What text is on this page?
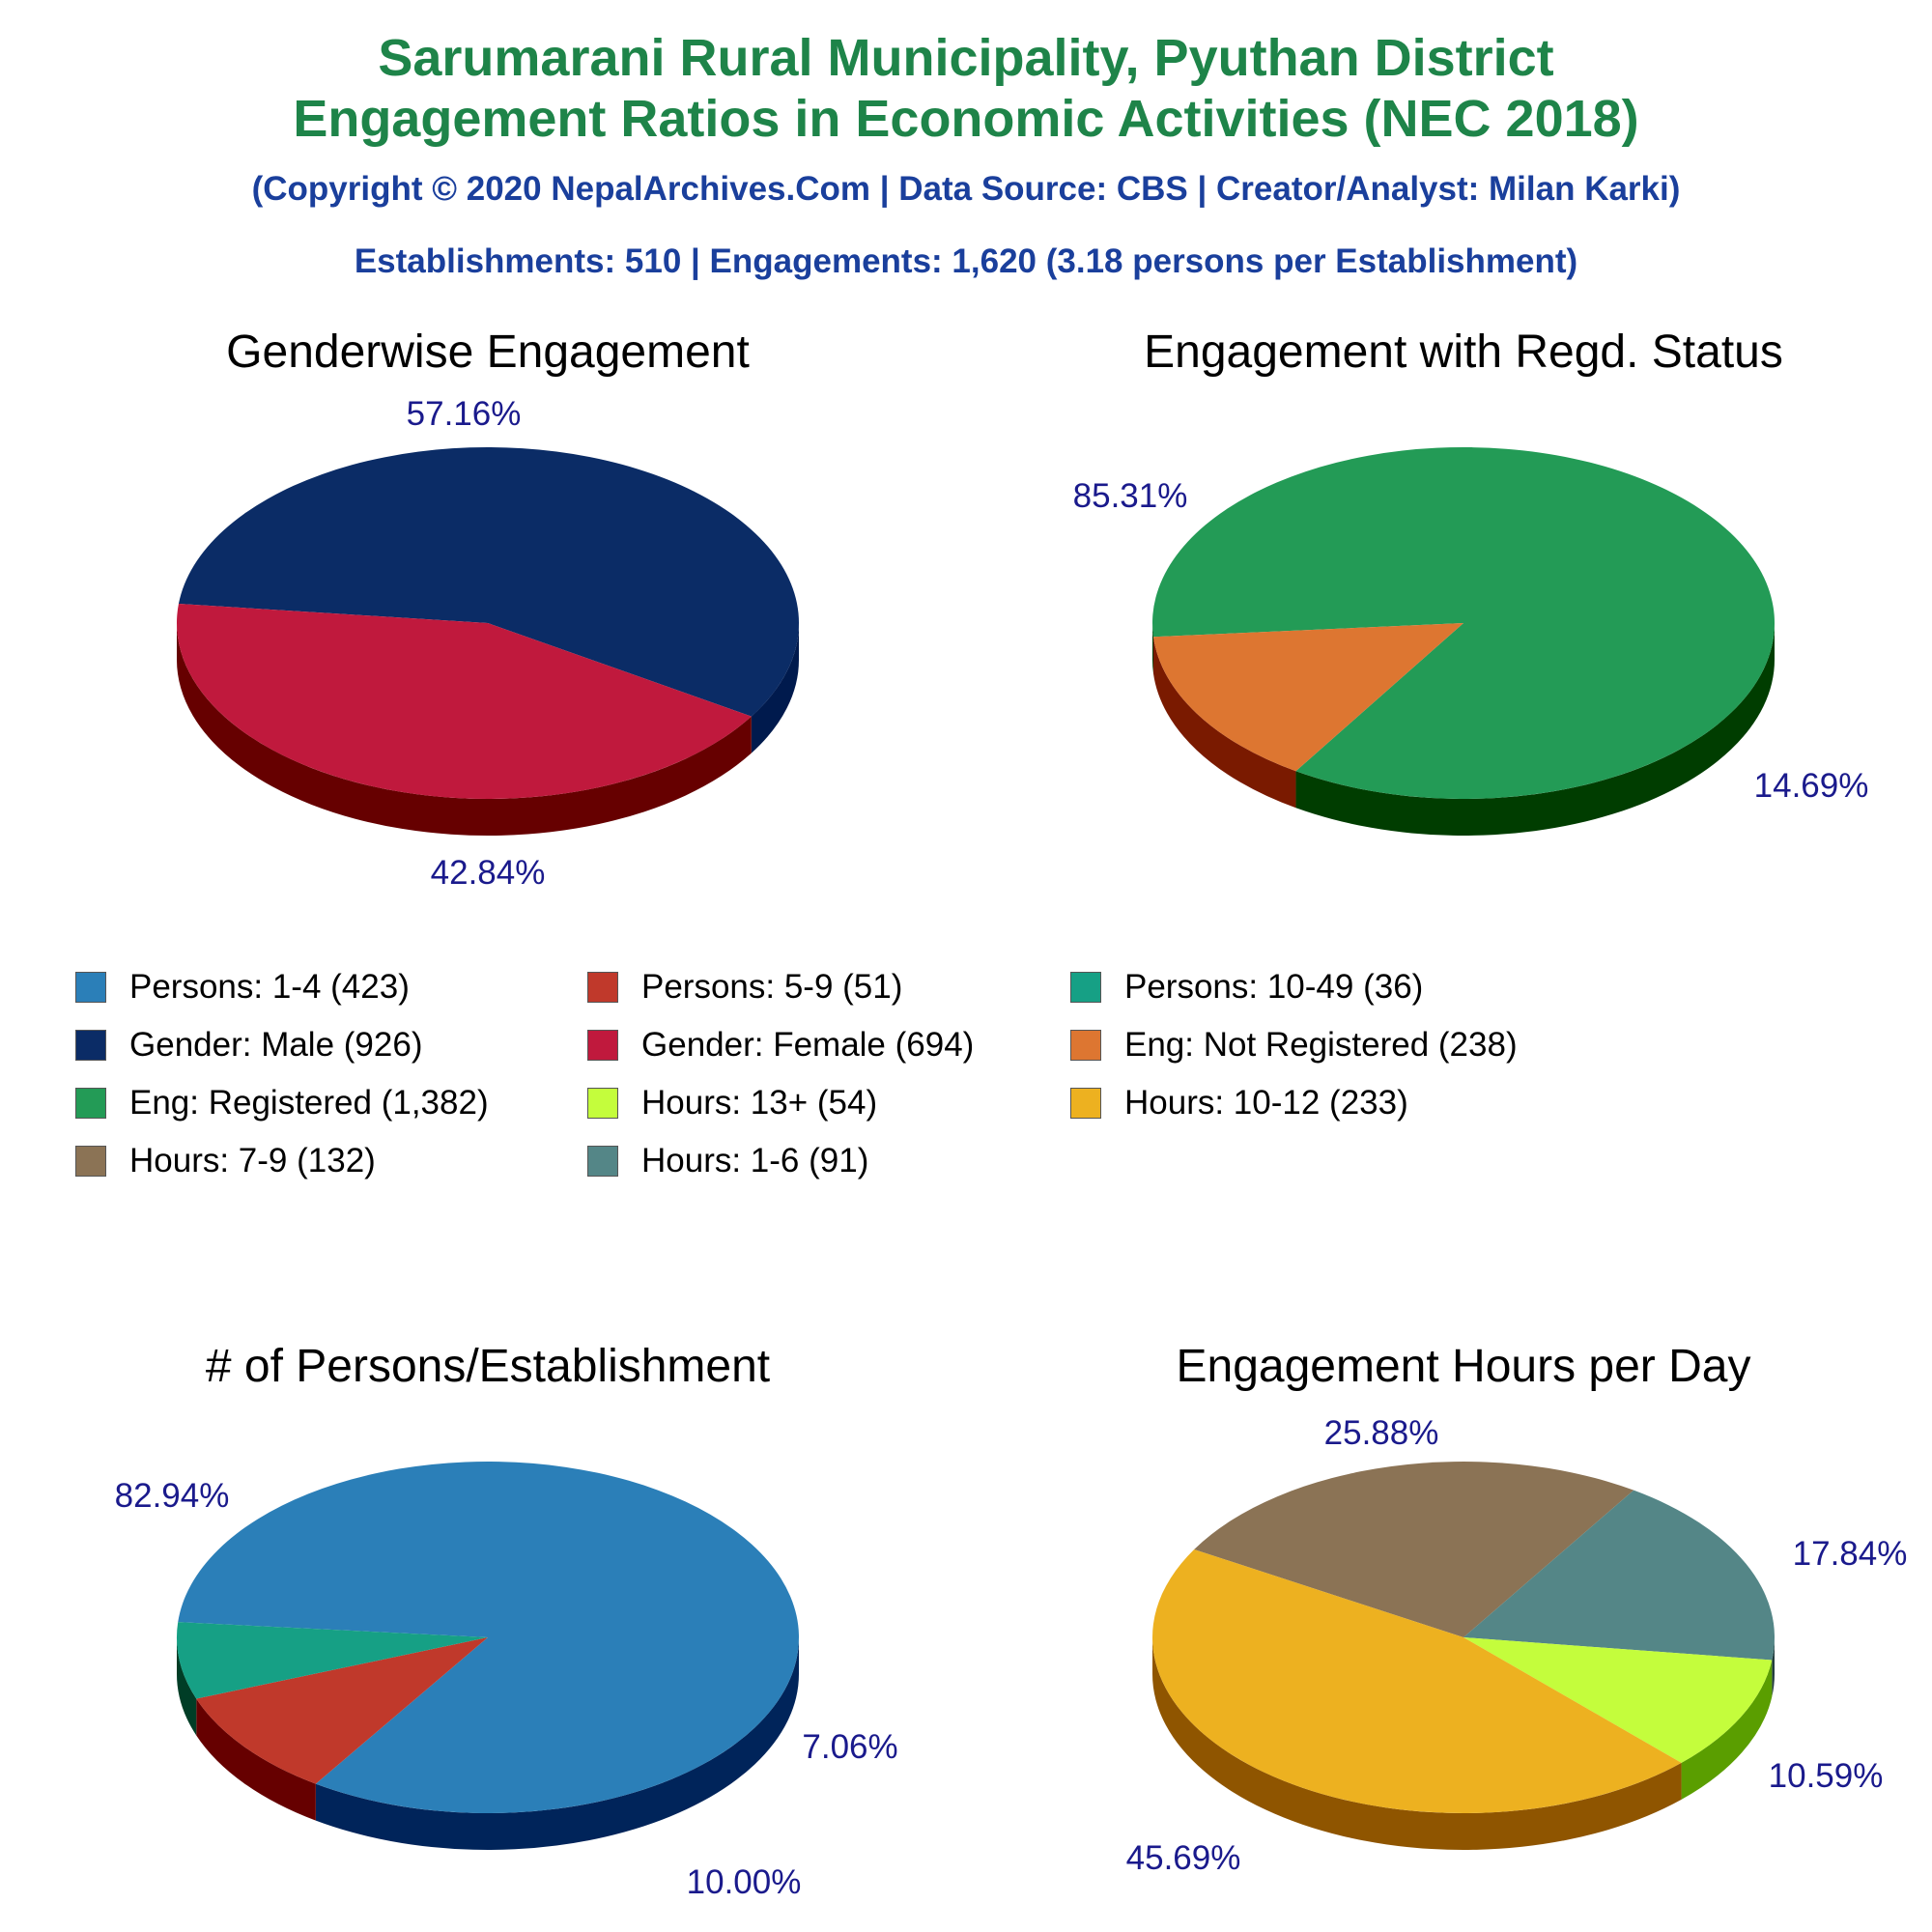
Sarumarani Rural Municipality, Pyuthan District
Engagement Ratios in Economic Activities (NEC 2018)
(Copyright © 2020 NepalArchives.Com | Data Source: CBS | Creator/Analyst: Milan Karki)
Establishments: 510 | Engagements: 1,620 (3.18 persons per Establishment)
Genderwise Engagement
57.16%
42.84%
Engagement with Regd. Status
85.31%
14.69%
# of Persons/Establishment
82.94%
10.00%
7.06%
Engagement Hours per Day
25.88%
17.84%
10.59%
45.69%
Persons: 1-4 (423)	Persons: 5-9 (51)	Persons: 10-49 (36)
Gender: Male (926)	Gender: Female (694)	Eng: Not Registered (238)
Eng: Registered (1,382)	Hours: 13+ (54)	Hours: 10-12 (233)
Hours: 7-9 (132)	Hours: 1-6 (91)
